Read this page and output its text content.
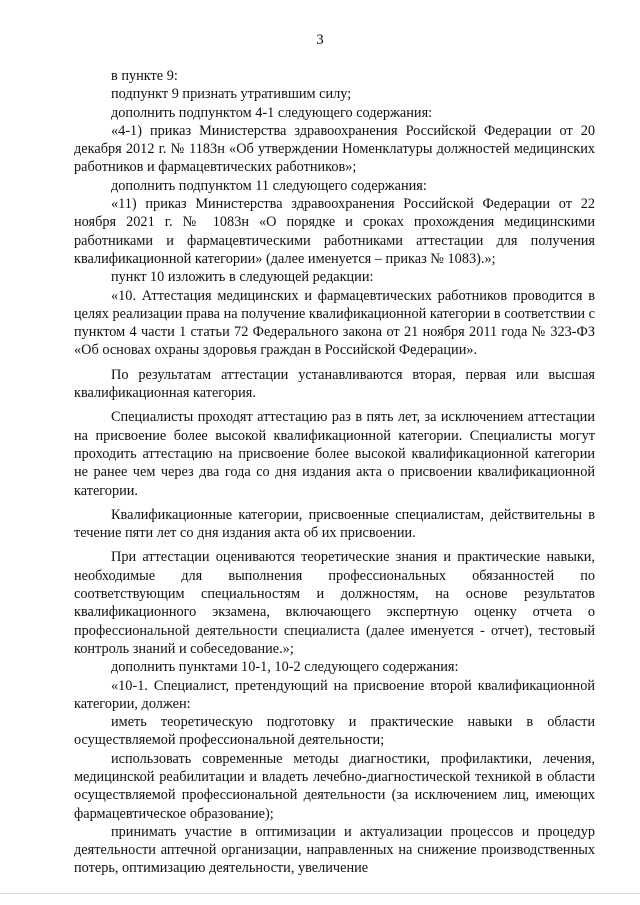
3

в пункте 9:

подпункт 9 признать утратившим силу;

дополнить подпунктом 4-1 следующего содержания:

«4-1) приказ Министерства здравоохранения Российской Федерации от 20 декабря 2012 г. № 1183н «Об утверждении Номенклатуры должностей медицинских работников и фармацевтических работников»;

дополнить подпунктом 11 следующего содержания:

«11) приказ Министерства здравоохранения Российской Федерации от 22 ноября 2021 г. № 1083н «О порядке и сроках прохождения медицинскими работниками и фармацевтическими работниками аттестации для получения квалификационной категории» (далее именуется – приказ № 1083).»;

пункт 10 изложить в следующей редакции:

«10. Аттестация медицинских и фармацевтических работников проводится в целях реализации права на получение квалификационной категории в соответствии с пунктом 4 части 1 статьи 72 Федерального закона от 21 ноября 2011 года № 323-ФЗ «Об основах охраны здоровья граждан в Российской Федерации».

По результатам аттестации устанавливаются вторая, первая или высшая квалификационная категория.

Специалисты проходят аттестацию раз в пять лет, за исключением аттестации на присвоение более высокой квалификационной категории. Специалисты могут проходить аттестацию на присвоение более высокой квалификационной категории не ранее чем через два года со дня издания акта о присвоении квалификационной категории.

Квалификационные категории, присвоенные специалистам, действительны в течение пяти лет со дня издания акта об их присвоении.

При аттестации оцениваются теоретические знания и практические навыки, необходимые для выполнения профессиональных обязанностей по соответствующим специальностям и должностям, на основе результатов квалификационного экзамена, включающего экспертную оценку отчета о профессиональной деятельности специалиста (далее именуется - отчет), тестовый контроль знаний и собеседование.»;

дополнить пунктами 10-1, 10-2 следующего содержания:

«10-1. Специалист, претендующий на присвоение второй квалификационной категории, должен:

иметь теоретическую подготовку и практические навыки в области осуществляемой профессиональной деятельности;

использовать современные методы диагностики, профилактики, лечения, медицинской реабилитации и владеть лечебно-диагностической техникой в области осуществляемой профессиональной деятельности (за исключением лиц, имеющих фармацевтическое образование);

принимать участие в оптимизации и актуализации процессов и процедур деятельности аптечной организации, направленных на снижение производственных потерь, оптимизацию деятельности, увеличение
